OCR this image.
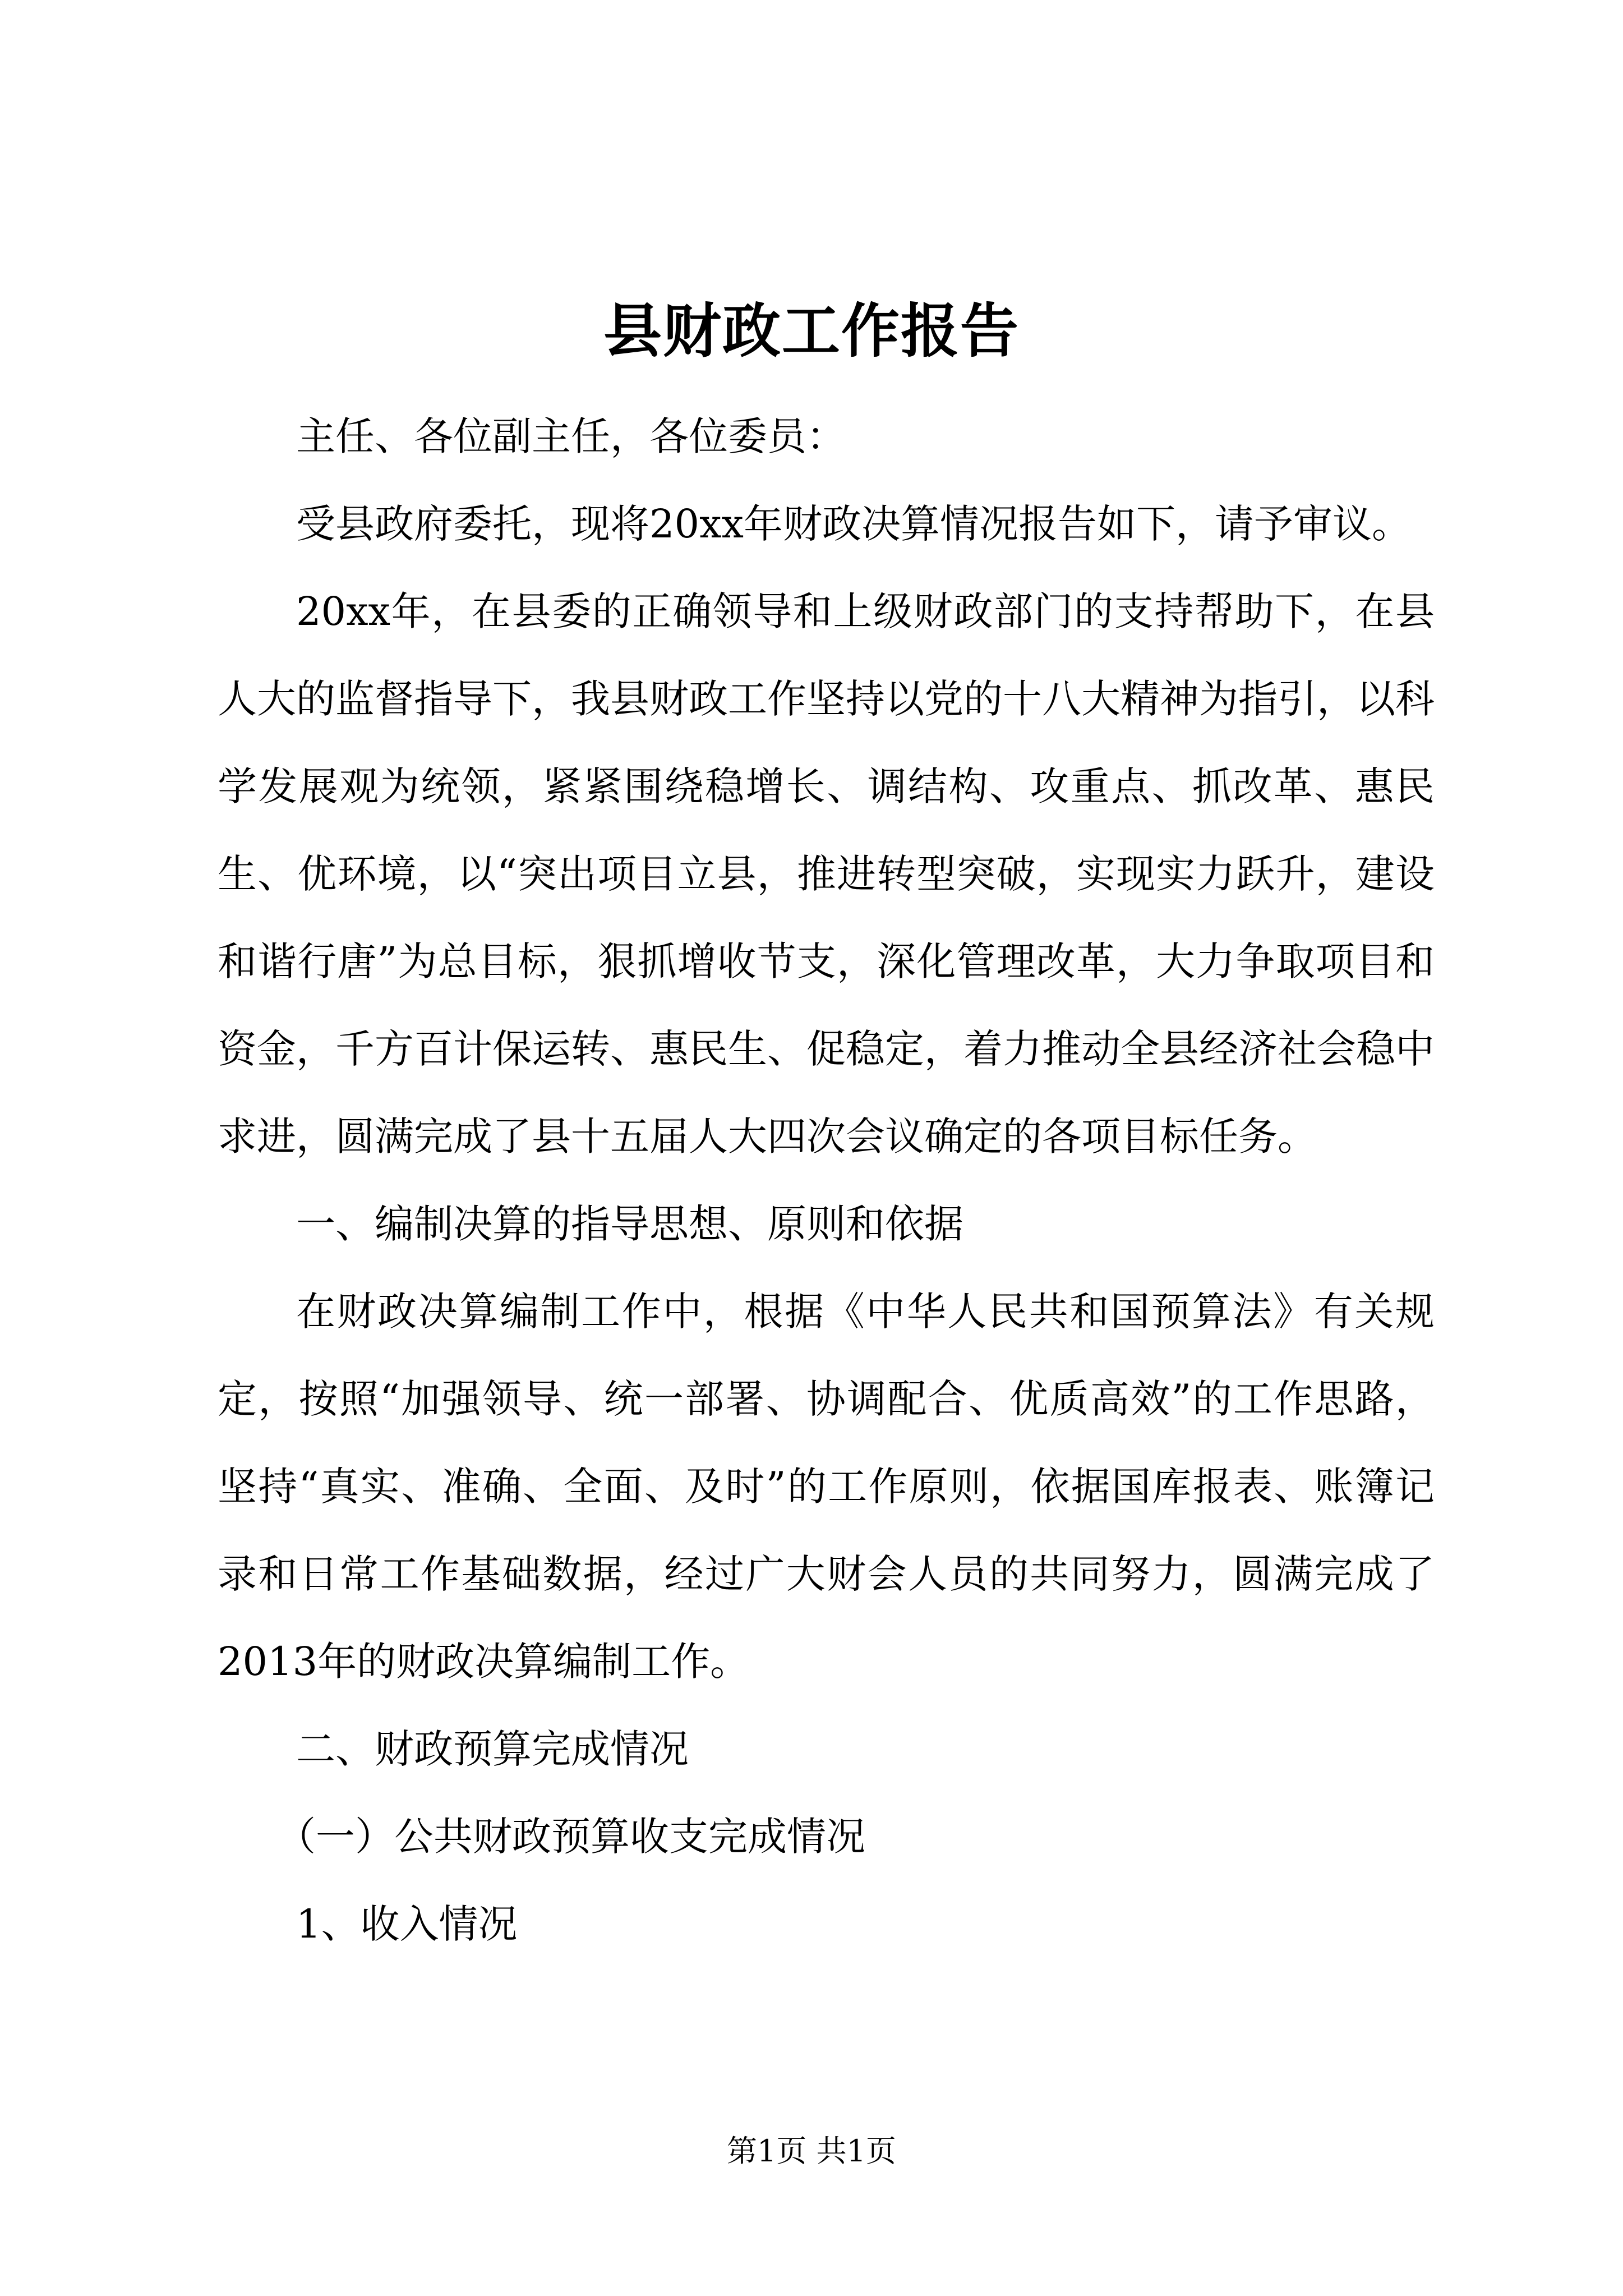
县财政工作报告

主任、各位副主任，各位委员：

受县政府委托，现将20xx年财政决算情况报告如下，请予审议。

20xx年，在县委的正确领导和上级财政部门的支持帮助下，在县人大的监督指导下，我县财政工作坚持以党的十八大精神为指引，以科学发展观为统领，紧紧围绕稳增长、调结构、攻重点、抓改革、惠民生、优环境，以“突出项目立县，推进转型突破，实现实力跃升，建设和谐行唐”为总目标，狠抓增收节支，深化管理改革，大力争取项目和资金，千方百计保运转、惠民生、促稳定，着力推动全县经济社会稳中求进，圆满完成了县十五届人大四次会议确定的各项目标任务。

一、编制决算的指导思想、原则和依据

在财政决算编制工作中，根据《中华人民共和国预算法》有关规定，按照“加强领导、统一部署、协调配合、优质高效”的工作思路，坚持“真实、准确、全面、及时”的工作原则，依据国库报表、账簿记录和日常工作基础数据，经过广大财会人员的共同努力，圆满完成了2013年的财政决算编制工作。

二、财政预算完成情况

（一）公共财政预算收支完成情况

1、收入情况

第1页 共1页
